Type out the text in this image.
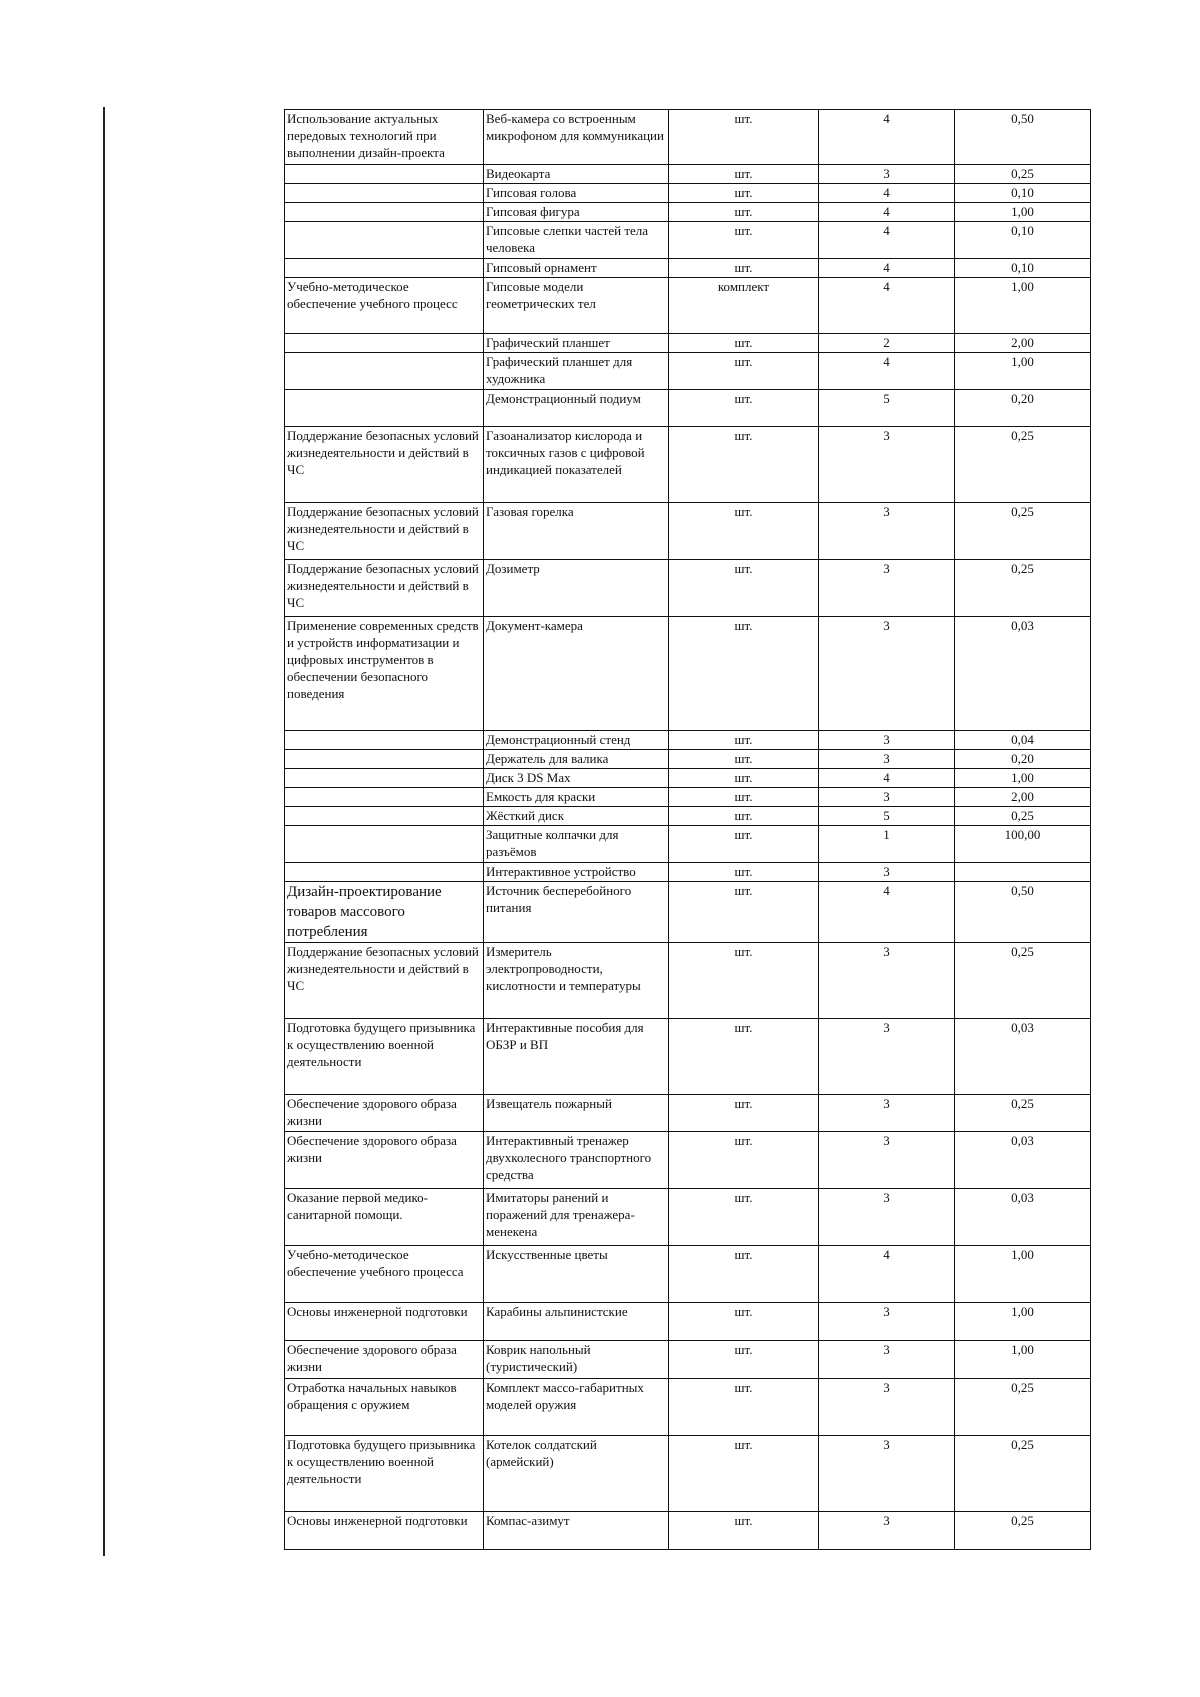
Использование актуальных передовых технологий при выполнении дизайн-проекта	Веб-камера со встроенным микрофоном для коммуникации	шт.	4	0,50
	Видеокарта	шт.	3	0,25
	Гипсовая голова	шт.	4	0,10
	Гипсовая фигура	шт.	4	1,00
	Гипсовые слепки частей тела человека	шт.	4	0,10
	Гипсовый орнамент	шт.	4	0,10
Учебно-методическое обеспечение учебного процесс	Гипсовые модели геометрических тел	комплект	4	1,00
	Графический планшет	шт.	2	2,00
	Графический планшет для художника	шт.	4	1,00
	Демонстрационный подиум	шт.	5	0,20
Поддержание безопасных условий жизнедеятельности и действий в ЧС	Газоанализатор кислорода и токсичных газов с цифровой индикацией показателей	шт.	3	0,25
Поддержание безопасных условий жизнедеятельности и действий в ЧС	Газовая горелка	шт.	3	0,25
Поддержание безопасных условий жизнедеятельности и действий в ЧС	Дозиметр	шт.	3	0,25
Применение современных средств и устройств информатизации и цифровых инструментов в обеспечении безопасного поведения	Документ-камера	шт.	3	0,03
	Демонстрационный стенд	шт.	3	0,04
	Держатель для валика	шт.	3	0,20
	Диск 3 DS Max	шт.	4	1,00
	Емкость для краски	шт.	3	2,00
	Жёсткий диск	шт.	5	0,25
	Защитные колпачки для разъёмов	шт.	1	100,00
	Интерактивное устройство	шт.	3	
Дизайн-проектирование товаров массового потребления	Источник бесперебойного питания	шт.	4	0,50
Поддержание безопасных условий жизнедеятельности и действий в ЧС	Измеритель электропроводности, кислотности и температуры	шт.	3	0,25
Подготовка будущего призывника к осуществлению военной деятельности	Интерактивные пособия для ОБЗР и ВП	шт.	3	0,03
Обеспечение здорового образа жизни	Извещатель пожарный	шт.	3	0,25
Обеспечение здорового образа жизни	Интерактивный тренажер двухколесного транспортного средства	шт.	3	0,03
Оказание первой медико-санитарной помощи.	Имитаторы ранений и поражений для тренажера-менекена	шт.	3	0,03
Учебно-методическое обеспечение учебного процесса	Искусственные цветы	шт.	4	1,00
Основы инженерной подготовки	Карабины альпинистские	шт.	3	1,00
Обеспечение здорового образа жизни	Коврик напольный (туристический)	шт.	3	1,00
Отработка начальных навыков обращения с оружием	Комплект массо-габаритных моделей оружия	шт.	3	0,25
Подготовка будущего призывника к осуществлению военной деятельности	Котелок солдатский (армейский)	шт.	3	0,25
Основы инженерной подготовки	Компас-азимут	шт.	3	0,25
